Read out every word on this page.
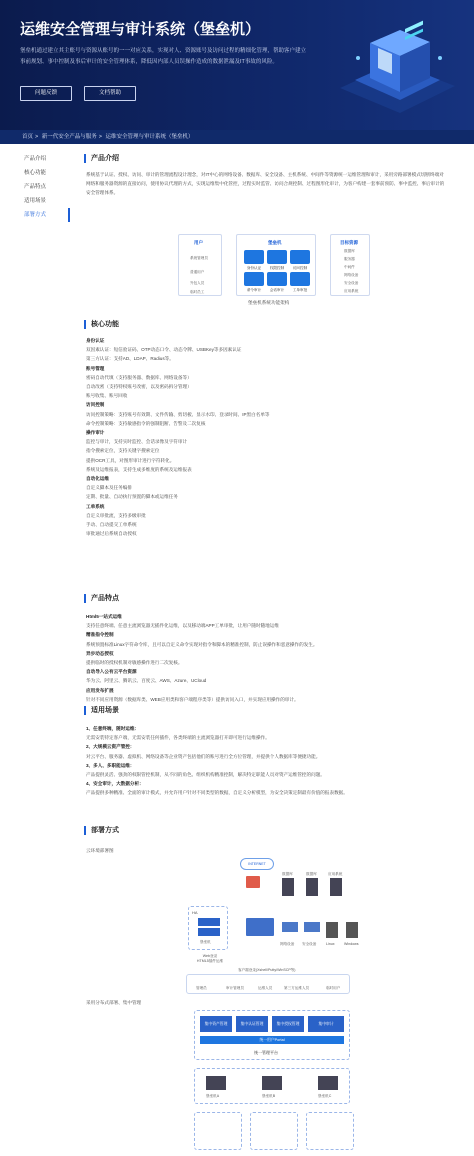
运维安全管理与审计系统（堡垒机）

堡垒机通过建立其主账号与资源从账号的一一对应关系，实现对人、资源账号及访问过程的精细化管理，帮助客户建立事前规划、事中控制及事后审计的安全管理体系，降低因内部人员误操作造成的数据泄漏及IT事故的风险。

问题反馈	文档帮助
首页 > 新一代安全产品与服务 > 运维安全管理与审计系统（堡垒机）
产品介绍
核心功能
产品特点
适用场景
部署方式
产品介绍
系统基于认证、授权、访问、审计的管理流程设计理念，对IT中心的网络设备、数据库、安全设备、主机系统、中间件等资源统一运维管理和审计，采用旁路部署模式切断终端对网络和服务器资源的直接访问，使用协议代理的方式，实现运维集中化管控，过程实时监管、访问合规控制、过程图形化审计，为客户构建一套事前预防、事中监控、事后审计的安全管理体系。
用户
系统管理员
普通用户
外包人员
临时员工
堡垒机
身份认证	权限控制	访问控制
命令审计	会话审计	工单审批
目标资源
数据库
服务器
中间件
网络设备
安全设备
应用系统
堡垒机系统功能架构
核心功能
身份认证
双因素认证：短信验证码、OTP动态口令、动态令牌、USBKey等多因素认证
第三方认证：支持AD、LDAP、Radius等。
账号管理
密码自动代填（支持服务器、数据库、网络设备等）
自动改密（支持特权账号改密，以及密码拆分管理）
账号收集、账号回收
访问控制
访问控制策略：支持账号有效期、文件传输、剪切板、显示水印、登录时间、IP黑白名单等
命令控制策略：支持敏感指令的强制阻断、告警及二次复核
操作审计
监控与审计，支持实时监控、会话录像及字符审计
指令搜索定位，支持关键字搜索定位
提供OCR工具，对图形审计进行字符转化。
系统及运维报表，支持生成多维度的系统及运维报表
自动化运维
自定义脚本及任务编排
定期、批量、自动执行预置的脚本或运维任务
工单系统
自定义审批流，支持多级审批
手动、自动提交工单系统
审批通过后系统自动授权
产品特点
Html5一站式运维
支持任意终端、任意主流浏览器无插件化运维，以及移动端APP工单审批，让用户随时随地运维
精准指令控制
系统预置标准Linux字符命令库，且可以自定义命令实现对指令和脚本的精准控制，防止误操作和恶意操作的发生。
异步动态授权
提供临时的授权机制对敏感操作进行二次复核。
自动导入公有云平台资源
华为云、阿里云、腾讯云、百度云、AWS、Azure、UCloud
应用发布扩展
针对不同应用资源（数据库类、WEB应用类和客户端程序类等）提供访问入口，并实现应用操作的审计。
适用场景
1、任意终端，随时运维：
无需安装特定客户端，无需安装任何插件，各类终端的主流浏览器打开即可进行运维操作。
2、大规模云资产管控：
对云平台、服务器、虚拟机、网络设备等企业资产包括他们的账号进行全方位管理，并提供个人数据库等便捷功能。
3、多人、多职能运维：
产品提供灵活、强劲的权限管控机制，从不同的角色、组织机构精准控制，解决特定职能人员对资产运维管控的问题。
4、安全审计，大数据分析：
产品提供多种精准、全面的审计模式，并允许用户针对不同类型的数据，自定义分析模型，为安全决策定制最有价值的报表数据。
部署方式
云环境部署图
INTERNET
HA
堡垒机
Web登录
HTML5插件运维
数据库	数据库	应用系统
网络设备 安全设备	Linux	Windows
客户端登录(Xshell/Putty/WinSCP等)
管理员	审计管理员	运维人员	第三方运维人员	临时用户
采用分布式部署、集中管理
集中资产管理	集中认证管理	集中授权管理	集中审计
统一用户Portal
统一管理平台
堡垒机A	堡垒机B	堡垒机C
